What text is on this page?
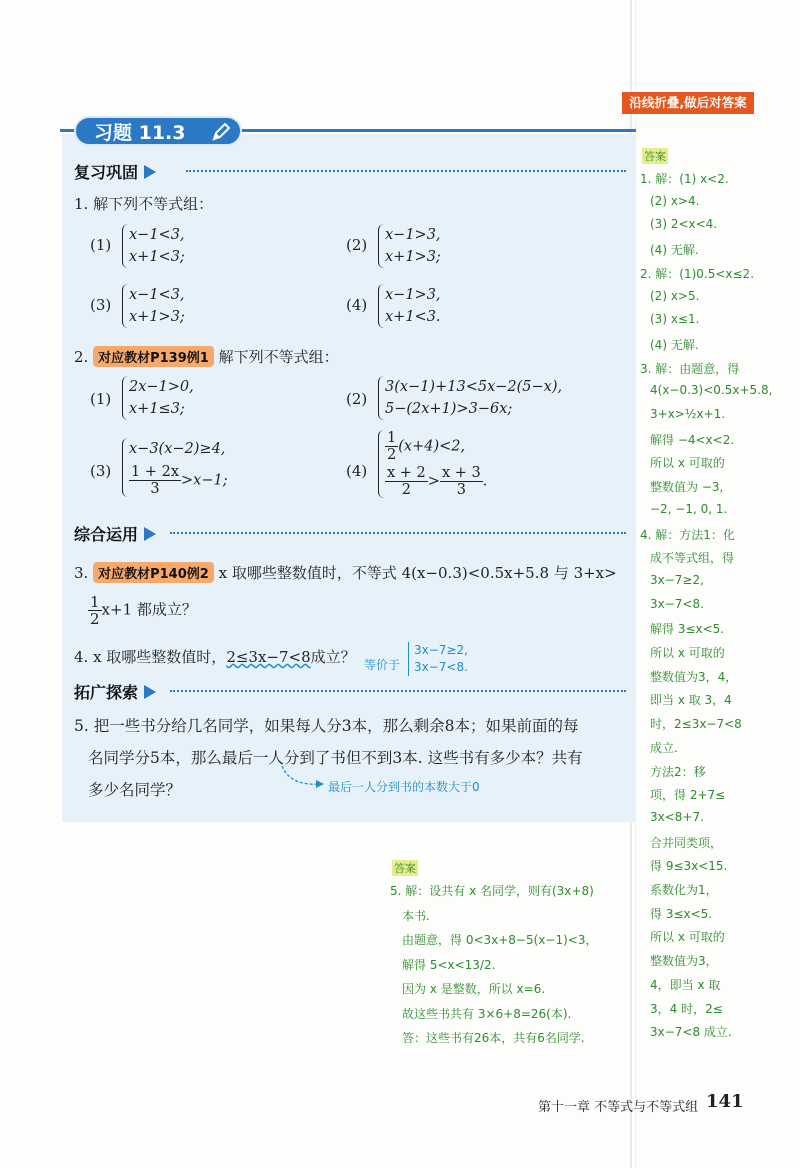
沿线折叠,做后对答案
习题 11.3
复习巩固
1. 解下列不等式组：
(1)
x−1<3,
x+1<3;
(2)
x−1>3,
x+1>3;
(3)
x−1<3,
x+1>3;
(4)
x−1>3,
x+1<3.
2. 对应教材P139例1 解下列不等式组：
(1)
2x−1>0,
x+1≤3;
(2)
3(x−1)+13<5x−2(5−x),
5−(2x+1)>3−6x;
(3)
x−3(x−2)≥4,
$\frac{1 + 2x}{3} >x-1$;
(4)
$\frac{1}{2} (x+4)<2$,
$\frac{x + 2}{2} > \frac{x + 3}{3}$ .
综合运用
3. 对应教材P140例2 x 取哪些整数值时，不等式 4(x−0.3)<0.5x+5.8 与 3+x>
$\frac{1}{2} x+1$ 都成立？
4. x 取哪些整数值时，2≤3x−7<8成立？ 等价于
3x−7≥2,
3x−7<8.
拓广探索
5. 把一些书分给几名同学，如果每人分3本，那么剩余8本；如果前面的每
名同学分5本，那么最后一人分到了书但不到3本. 这些书有多少本？共有
多少名同学？	最后一人分到书的本数大于0
答案
1. 解：(1) x<2.
(2) x>4.
(3) 2<x<4.
(4) 无解.
2. 解：(1)0.5<x≤2.
(2) x>5.
(3) x≤1.
(4) 无解.
3. 解：由题意，得
4(x−0.3)<0.5x+5.8,
3+x>½x+1.
解得 −4<x<2.
所以 x 可取的
整数值为 −3,
−2, −1, 0, 1.
4. 解：方法1：化
成不等式组，得
3x−7≥2,
3x−7<8.
解得 3≤x<5.
所以 x 可取的
整数值为3，4，
即当 x 取 3，4
时，2≤3x−7<8
成立.
方法2：移
项，得 2+7≤
3x<8+7.
合并同类项，
得 9≤3x<15.
系数化为1，
得 3≤x<5.
所以 x 可取的
整数值为3，
4，即当 x 取
3，4 时，2≤
3x−7<8 成立.
答案
5. 解：设共有 x 名同学，则有(3x+8)
本书.
由题意，得 0<3x+8−5(x−1)<3，
解得 5<x<13/2.
因为 x 是整数，所以 x=6.
故这些书共有 3×6+8=26(本).
答：这些书有26本，共有6名同学.
第十一章 不等式与不等式组 141
